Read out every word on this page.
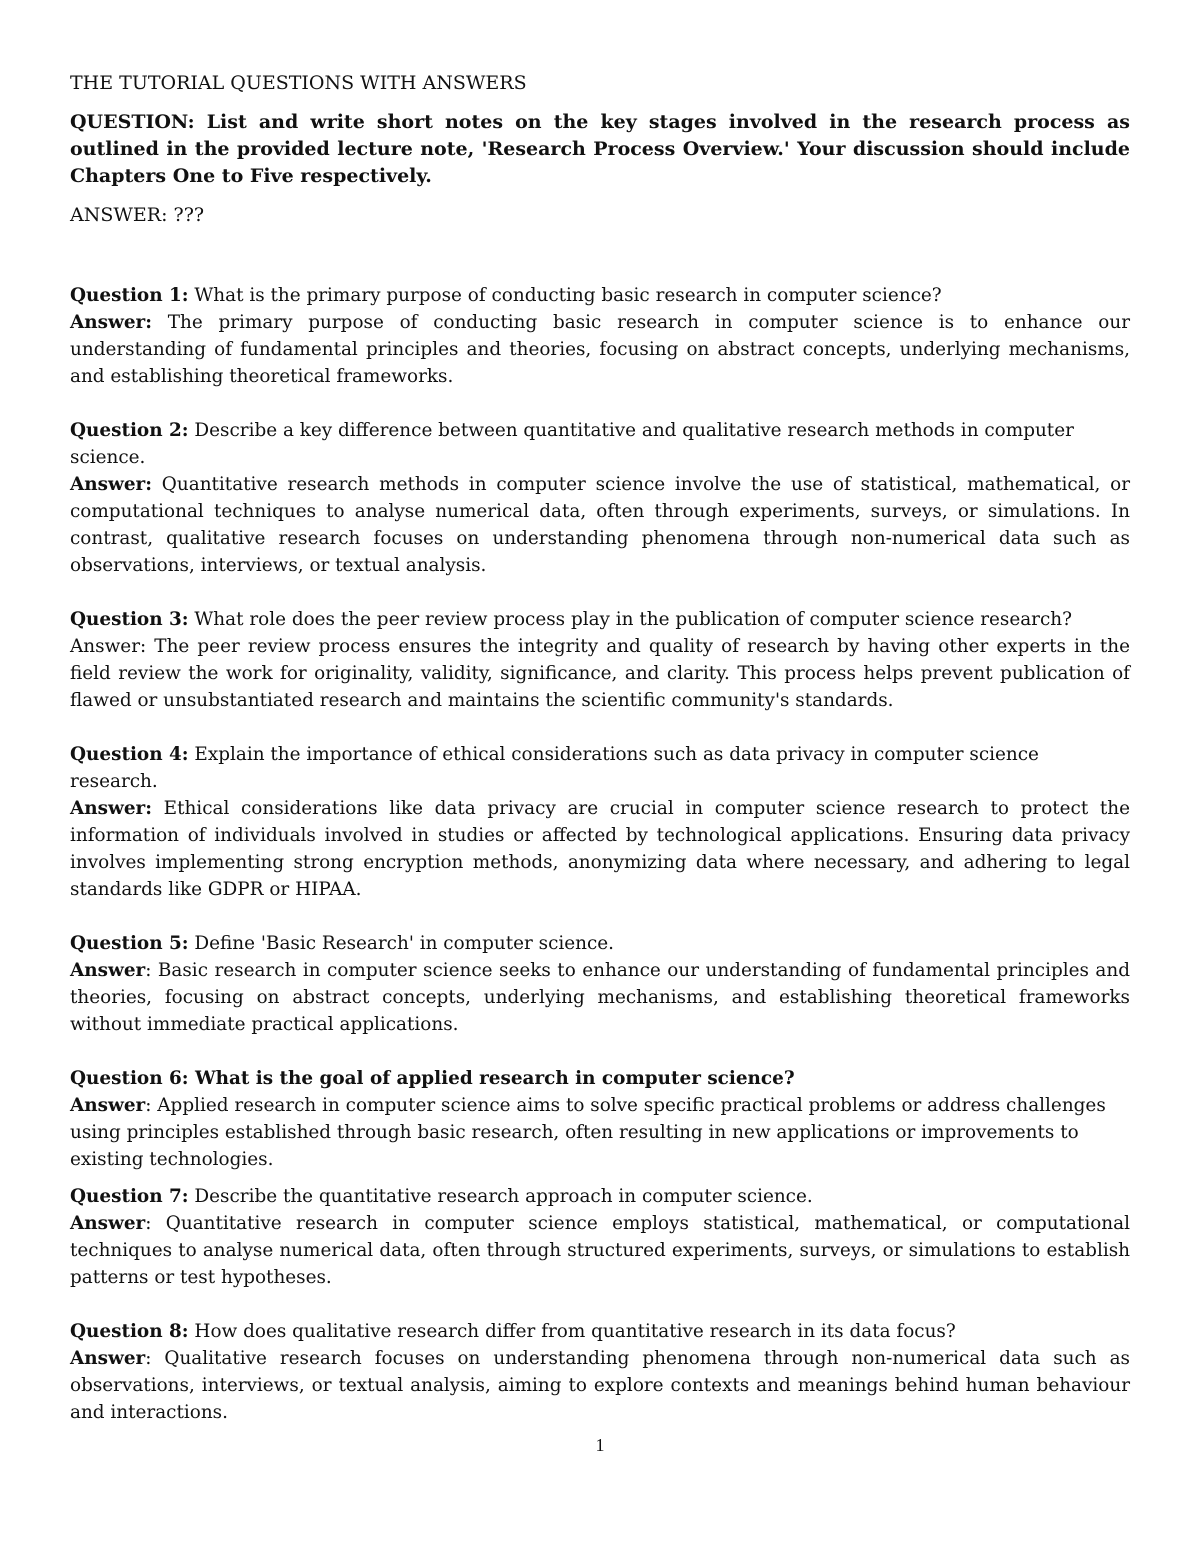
THE TUTORIAL QUESTIONS WITH ANSWERS

QUESTION: List and write short notes on the key stages involved in the research process as outlined in the provided lecture note, 'Research Process Overview.' Your discussion should include Chapters One to Five respectively.

ANSWER: ???

Question 1: What is the primary purpose of conducting basic research in computer science?

Answer: The primary purpose of conducting basic research in computer science is to enhance our understanding of fundamental principles and theories, focusing on abstract concepts, underlying mechanisms, and establishing theoretical frameworks.

Question 2: Describe a key difference between quantitative and qualitative research methods in computer science.

Answer: Quantitative research methods in computer science involve the use of statistical, mathematical, or computational techniques to analyse numerical data, often through experiments, surveys, or simulations. In contrast, qualitative research focuses on understanding phenomena through non-numerical data such as observations, interviews, or textual analysis.

Question 3: What role does the peer review process play in the publication of computer science research?

Answer: The peer review process ensures the integrity and quality of research by having other experts in the field review the work for originality, validity, significance, and clarity. This process helps prevent publication of flawed or unsubstantiated research and maintains the scientific community's standards.

Question 4: Explain the importance of ethical considerations such as data privacy in computer science research.

Answer: Ethical considerations like data privacy are crucial in computer science research to protect the information of individuals involved in studies or affected by technological applications. Ensuring data privacy involves implementing strong encryption methods, anonymizing data where necessary, and adhering to legal standards like GDPR or HIPAA.

Question 5: Define 'Basic Research' in computer science.

Answer: Basic research in computer science seeks to enhance our understanding of fundamental principles and theories, focusing on abstract concepts, underlying mechanisms, and establishing theoretical frameworks without immediate practical applications.

Question 6: What is the goal of applied research in computer science?

Answer: Applied research in computer science aims to solve specific practical problems or address challenges using principles established through basic research, often resulting in new applications or improvements to existing technologies.

Question 7: Describe the quantitative research approach in computer science.

Answer: Quantitative research in computer science employs statistical, mathematical, or computational techniques to analyse numerical data, often through structured experiments, surveys, or simulations to establish patterns or test hypotheses.

Question 8: How does qualitative research differ from quantitative research in its data focus?

Answer: Qualitative research focuses on understanding phenomena through non-numerical data such as observations, interviews, or textual analysis, aiming to explore contexts and meanings behind human behaviour and interactions.

1
